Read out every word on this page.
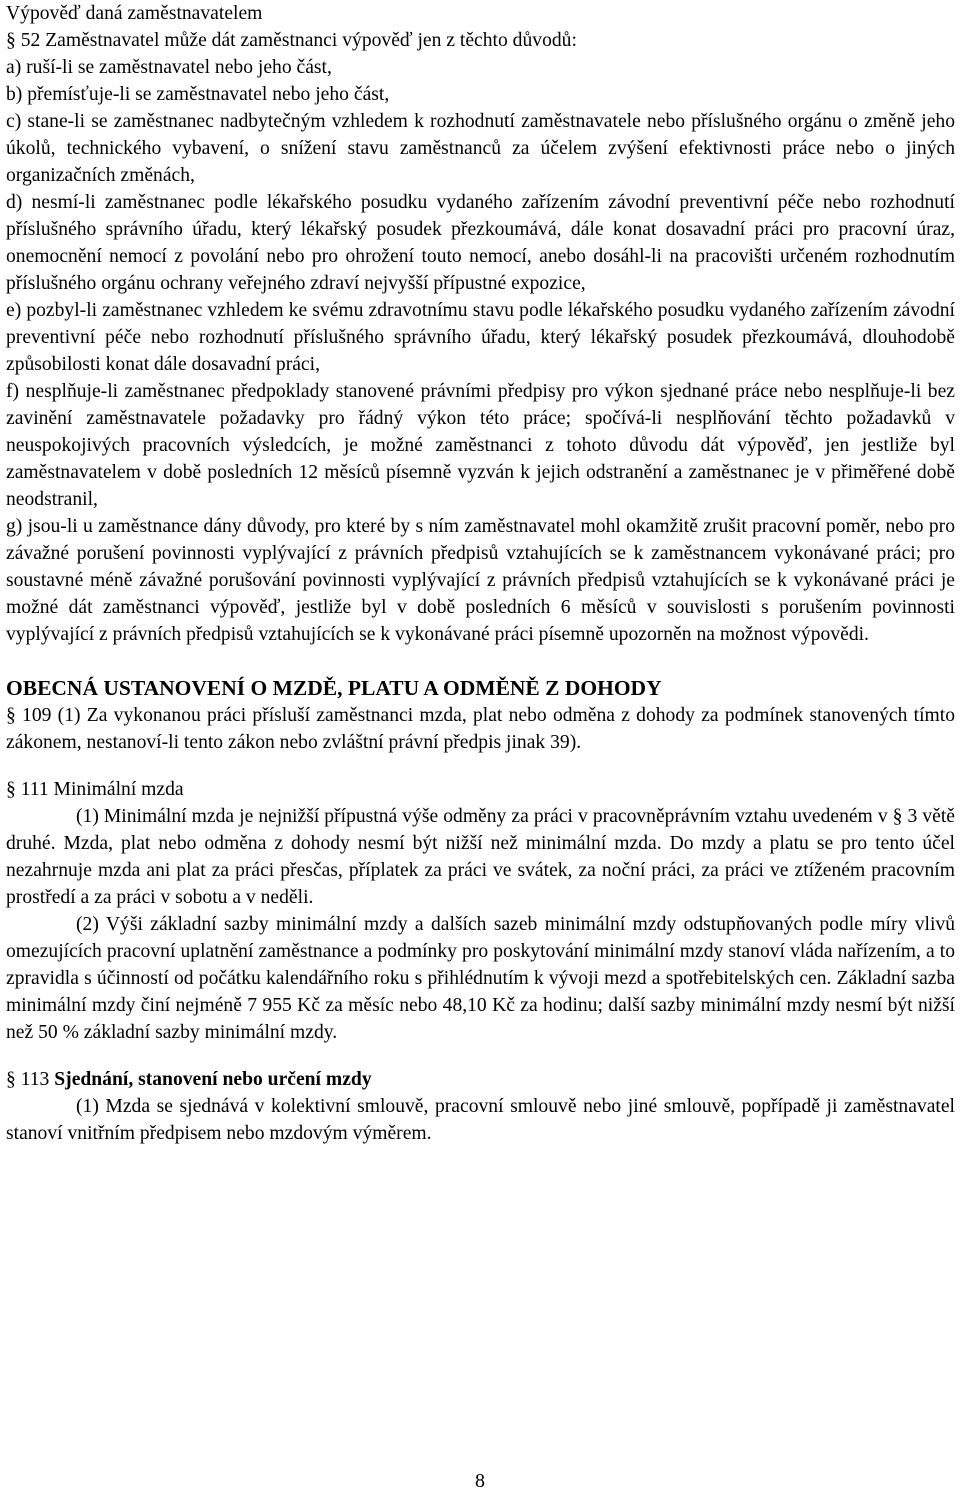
Výpověď daná zaměstnavatelem

§ 52 Zaměstnavatel může dát zaměstnanci výpověď jen z těchto důvodů:

a) ruší-li se zaměstnavatel nebo jeho část,

b) přemísťuje-li se zaměstnavatel nebo jeho část,

c) stane-li se zaměstnanec nadbytečným vzhledem k rozhodnutí zaměstnavatele nebo příslušného orgánu o změně jeho úkolů, technického vybavení, o snížení stavu zaměstnanců za účelem zvýšení efektivnosti práce nebo o jiných organizačních změnách,

d) nesmí-li zaměstnanec podle lékařského posudku vydaného zařízením závodní preventivní péče nebo rozhodnutí příslušného správního úřadu, který lékařský posudek přezkoumává, dále konat dosavadní práci pro pracovní úraz, onemocnění nemocí z povolání nebo pro ohrožení touto nemocí, anebo dosáhl-li na pracovišti určeném rozhodnutím příslušného orgánu ochrany veřejného zdraví nejvyšší přípustné expozice,

e) pozbyl-li zaměstnanec vzhledem ke svému zdravotnímu stavu podle lékařského posudku vydaného zařízením závodní preventivní péče nebo rozhodnutí příslušného správního úřadu, který lékařský posudek přezkoumává, dlouhodobě způsobilosti konat dále dosavadní práci,

f) nesplňuje-li zaměstnanec předpoklady stanovené právními předpisy pro výkon sjednané práce nebo nesplňuje-li bez zavinění zaměstnavatele požadavky pro řádný výkon této práce; spočívá-li nesplňování těchto požadavků v neuspokojivých pracovních výsledcích, je možné zaměstnanci z tohoto důvodu dát výpověď, jen jestliže byl zaměstnavatelem v době posledních 12 měsíců písemně vyzván k jejich odstranění a zaměstnanec je v přiměřené době neodstranil,

g) jsou-li u zaměstnance dány důvody, pro které by s ním zaměstnavatel mohl okamžitě zrušit pracovní poměr, nebo pro závažné porušení povinnosti vyplývající z právních předpisů vztahujících se k zaměstnancem vykonávané práci; pro soustavné méně závažné porušování povinnosti vyplývající z právních předpisů vztahujících se k vykonávané práci je možné dát zaměstnanci výpověď, jestliže byl v době posledních 6 měsíců v souvislosti s porušením povinnosti vyplývající z právních předpisů vztahujících se k vykonávané práci písemně upozorněn na možnost výpovědi.

OBECNÁ USTANOVENÍ O MZDĚ, PLATU A ODMĚNĚ Z DOHODY

§ 109 (1) Za vykonanou práci přísluší zaměstnanci mzda, plat nebo odměna z dohody za podmínek stanovených tímto zákonem, nestanoví-li tento zákon nebo zvláštní právní předpis jinak 39).

§ 111 Minimální mzda

(1) Minimální mzda je nejnižší přípustná výše odměny za práci v pracovněprávním vztahu uvedeném v § 3 větě druhé. Mzda, plat nebo odměna z dohody nesmí být nižší než minimální mzda. Do mzdy a platu se pro tento účel nezahrnuje mzda ani plat za práci přesčas, příplatek za práci ve svátek, za noční práci, za práci ve ztíženém pracovním prostředí a za práci v sobotu a v neděli.

(2) Výši základní sazby minimální mzdy a dalších sazeb minimální mzdy odstupňovaných podle míry vlivů omezujících pracovní uplatnění zaměstnance a podmínky pro poskytování minimální mzdy stanoví vláda nařízením, a to zpravidla s účinností od počátku kalendářního roku s přihlédnutím k vývoji mezd a spotřebitelských cen. Základní sazba minimální mzdy činí nejméně 7 955 Kč za měsíc nebo 48,10 Kč za hodinu; další sazby minimální mzdy nesmí být nižší než 50 % základní sazby minimální mzdy.

§ 113 Sjednání, stanovení nebo určení mzdy

(1) Mzda se sjednává v kolektivní smlouvě, pracovní smlouvě nebo jiné smlouvě, popřípadě ji zaměstnavatel stanoví vnitřním předpisem nebo mzdovým výměrem.

8
